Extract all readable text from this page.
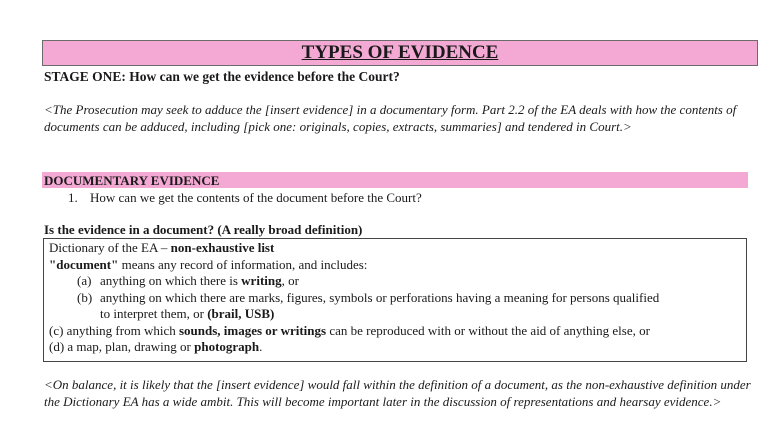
TYPES OF EVIDENCE
STAGE ONE: How can we get the evidence before the Court?
<The Prosecution may seek to adduce the [insert evidence] in a documentary form. Part 2.2 of the EA deals with how the contents of documents can be adduced, including [pick one: originals, copies, extracts, summaries] and tendered in Court.>
DOCUMENTARY EVIDENCE
1. How can we get the contents of the document before the Court?
Is the evidence in a document? (A really broad definition)
Dictionary of the EA – non-exhaustive list
"document" means any record of information, and includes:
(a) anything on which there is writing, or
(b) anything on which there are marks, figures, symbols or perforations having a meaning for persons qualified
to interpret them, or (brail, USB)
(c) anything from which sounds, images or writings can be reproduced with or without the aid of anything else, or
(d) a map, plan, drawing or photograph.
<On balance, it is likely that the [insert evidence] would fall within the definition of a document, as the non-exhaustive definition under the Dictionary EA has a wide ambit. This will become important later in the discussion of representations and hearsay evidence.>
